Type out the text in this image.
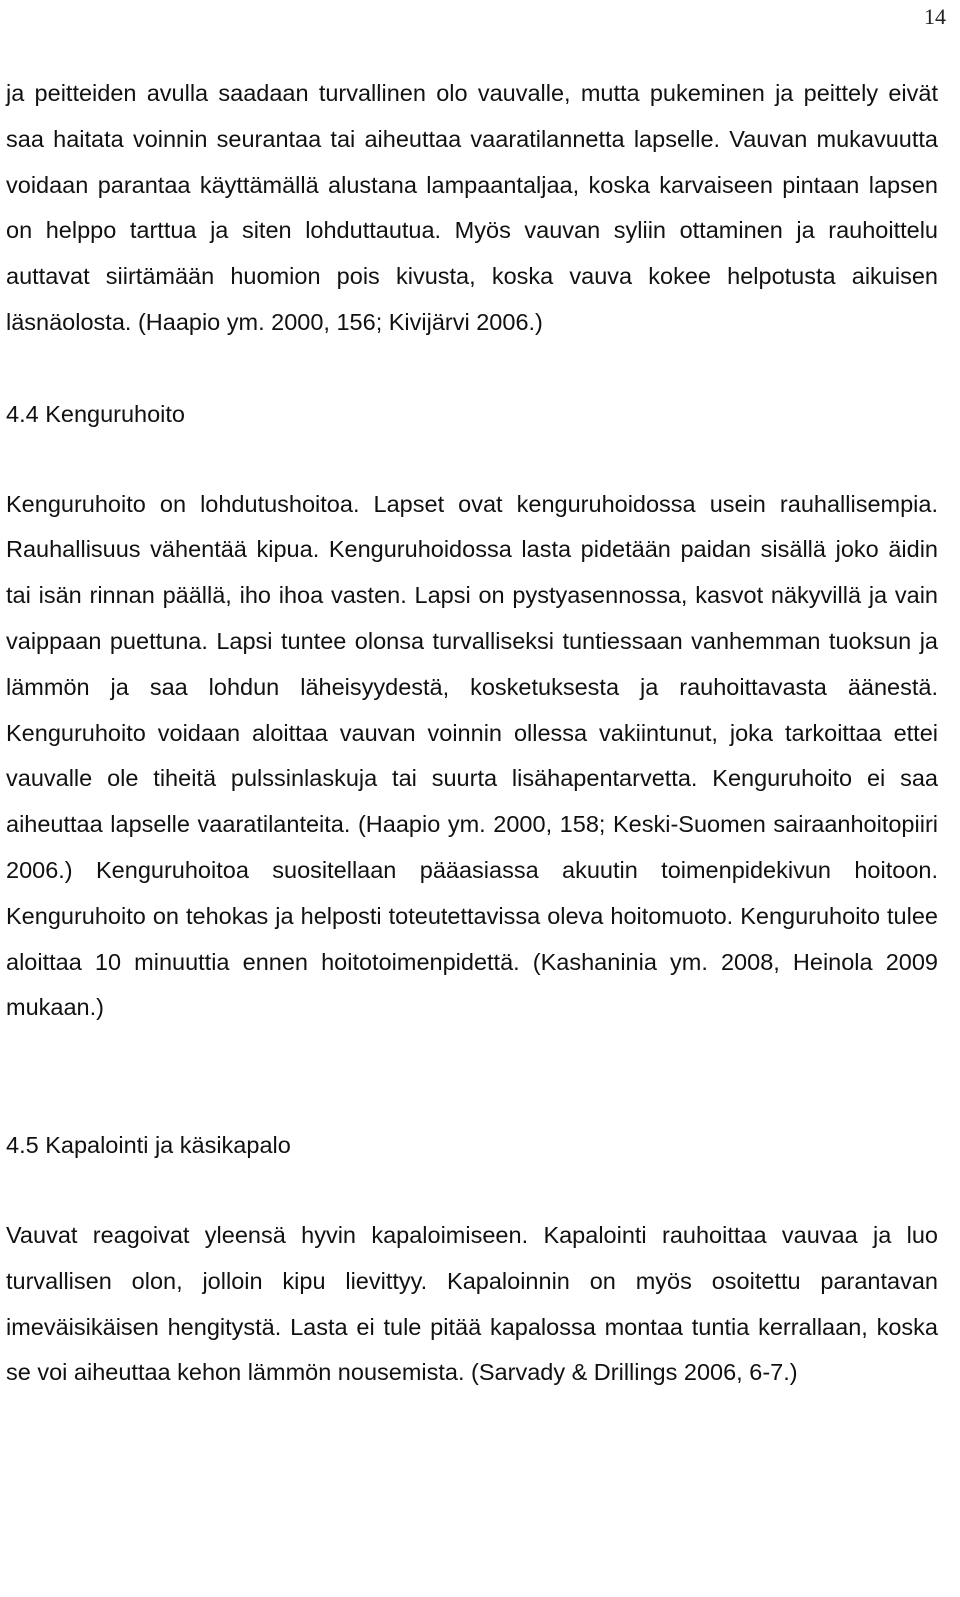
14

ja peitteiden avulla saadaan turvallinen olo vauvalle, mutta pukeminen ja peittely eivät saa haitata voinnin seurantaa tai aiheuttaa vaaratilannetta lapselle. Vauvan mukavuutta voidaan parantaa käyttämällä alustana lampaantaljaa, koska karvaiseen pintaan lapsen on helppo tarttua ja siten lohduttautua. Myös vauvan syliin ottaminen ja rauhoittelu auttavat siirtämään huomion pois kivusta, koska vauva kokee helpotusta aikuisen läsnäolosta. (Haapio ym. 2000, 156; Kivijärvi 2006.)

4.4 Kenguruhoito

Kenguruhoito on lohdutushoitoa. Lapset ovat kenguruhoidossa usein rauhallisempia. Rauhallisuus vähentää kipua. Kenguruhoidossa lasta pidetään paidan sisällä joko äidin tai isän rinnan päällä, iho ihoa vasten. Lapsi on pystyasennossa, kasvot näkyvillä ja vain vaippaan puettuna. Lapsi tuntee olonsa turvalliseksi tuntiessaan vanhemman tuoksun ja lämmön ja saa lohdun läheisyydestä, kosketuksesta ja rauhoittavasta äänestä. Kenguruhoito voidaan aloittaa vauvan voinnin ollessa vakiintunut, joka tarkoittaa ettei vauvalle ole tiheitä pulssinlaskuja tai suurta lisähapentarvetta. Kenguruhoito ei saa aiheuttaa lapselle vaaratilanteita. (Haapio ym. 2000, 158; Keski-Suomen sairaanhoitopiiri 2006.) Kenguruhoitoa suositellaan pääasiassa akuutin toimenpidekivun hoitoon. Kenguruhoito on tehokas ja helposti toteutettavissa oleva hoitomuoto. Kenguruhoito tulee aloittaa 10 minuuttia ennen hoitotoimenpidettä. (Kashaninia ym. 2008, Heinola 2009 mukaan.)

4.5 Kapalointi ja käsikapalo

Vauvat reagoivat yleensä hyvin kapaloimiseen. Kapalointi rauhoittaa vauvaa ja luo turvallisen olon, jolloin kipu lievittyy. Kapaloinnin on myös osoitettu parantavan imeväisikäisen hengitystä. Lasta ei tule pitää kapalossa montaa tuntia kerrallaan, koska se voi aiheuttaa kehon lämmön nousemista. (Sarvady & Drillings 2006, 6-7.)
